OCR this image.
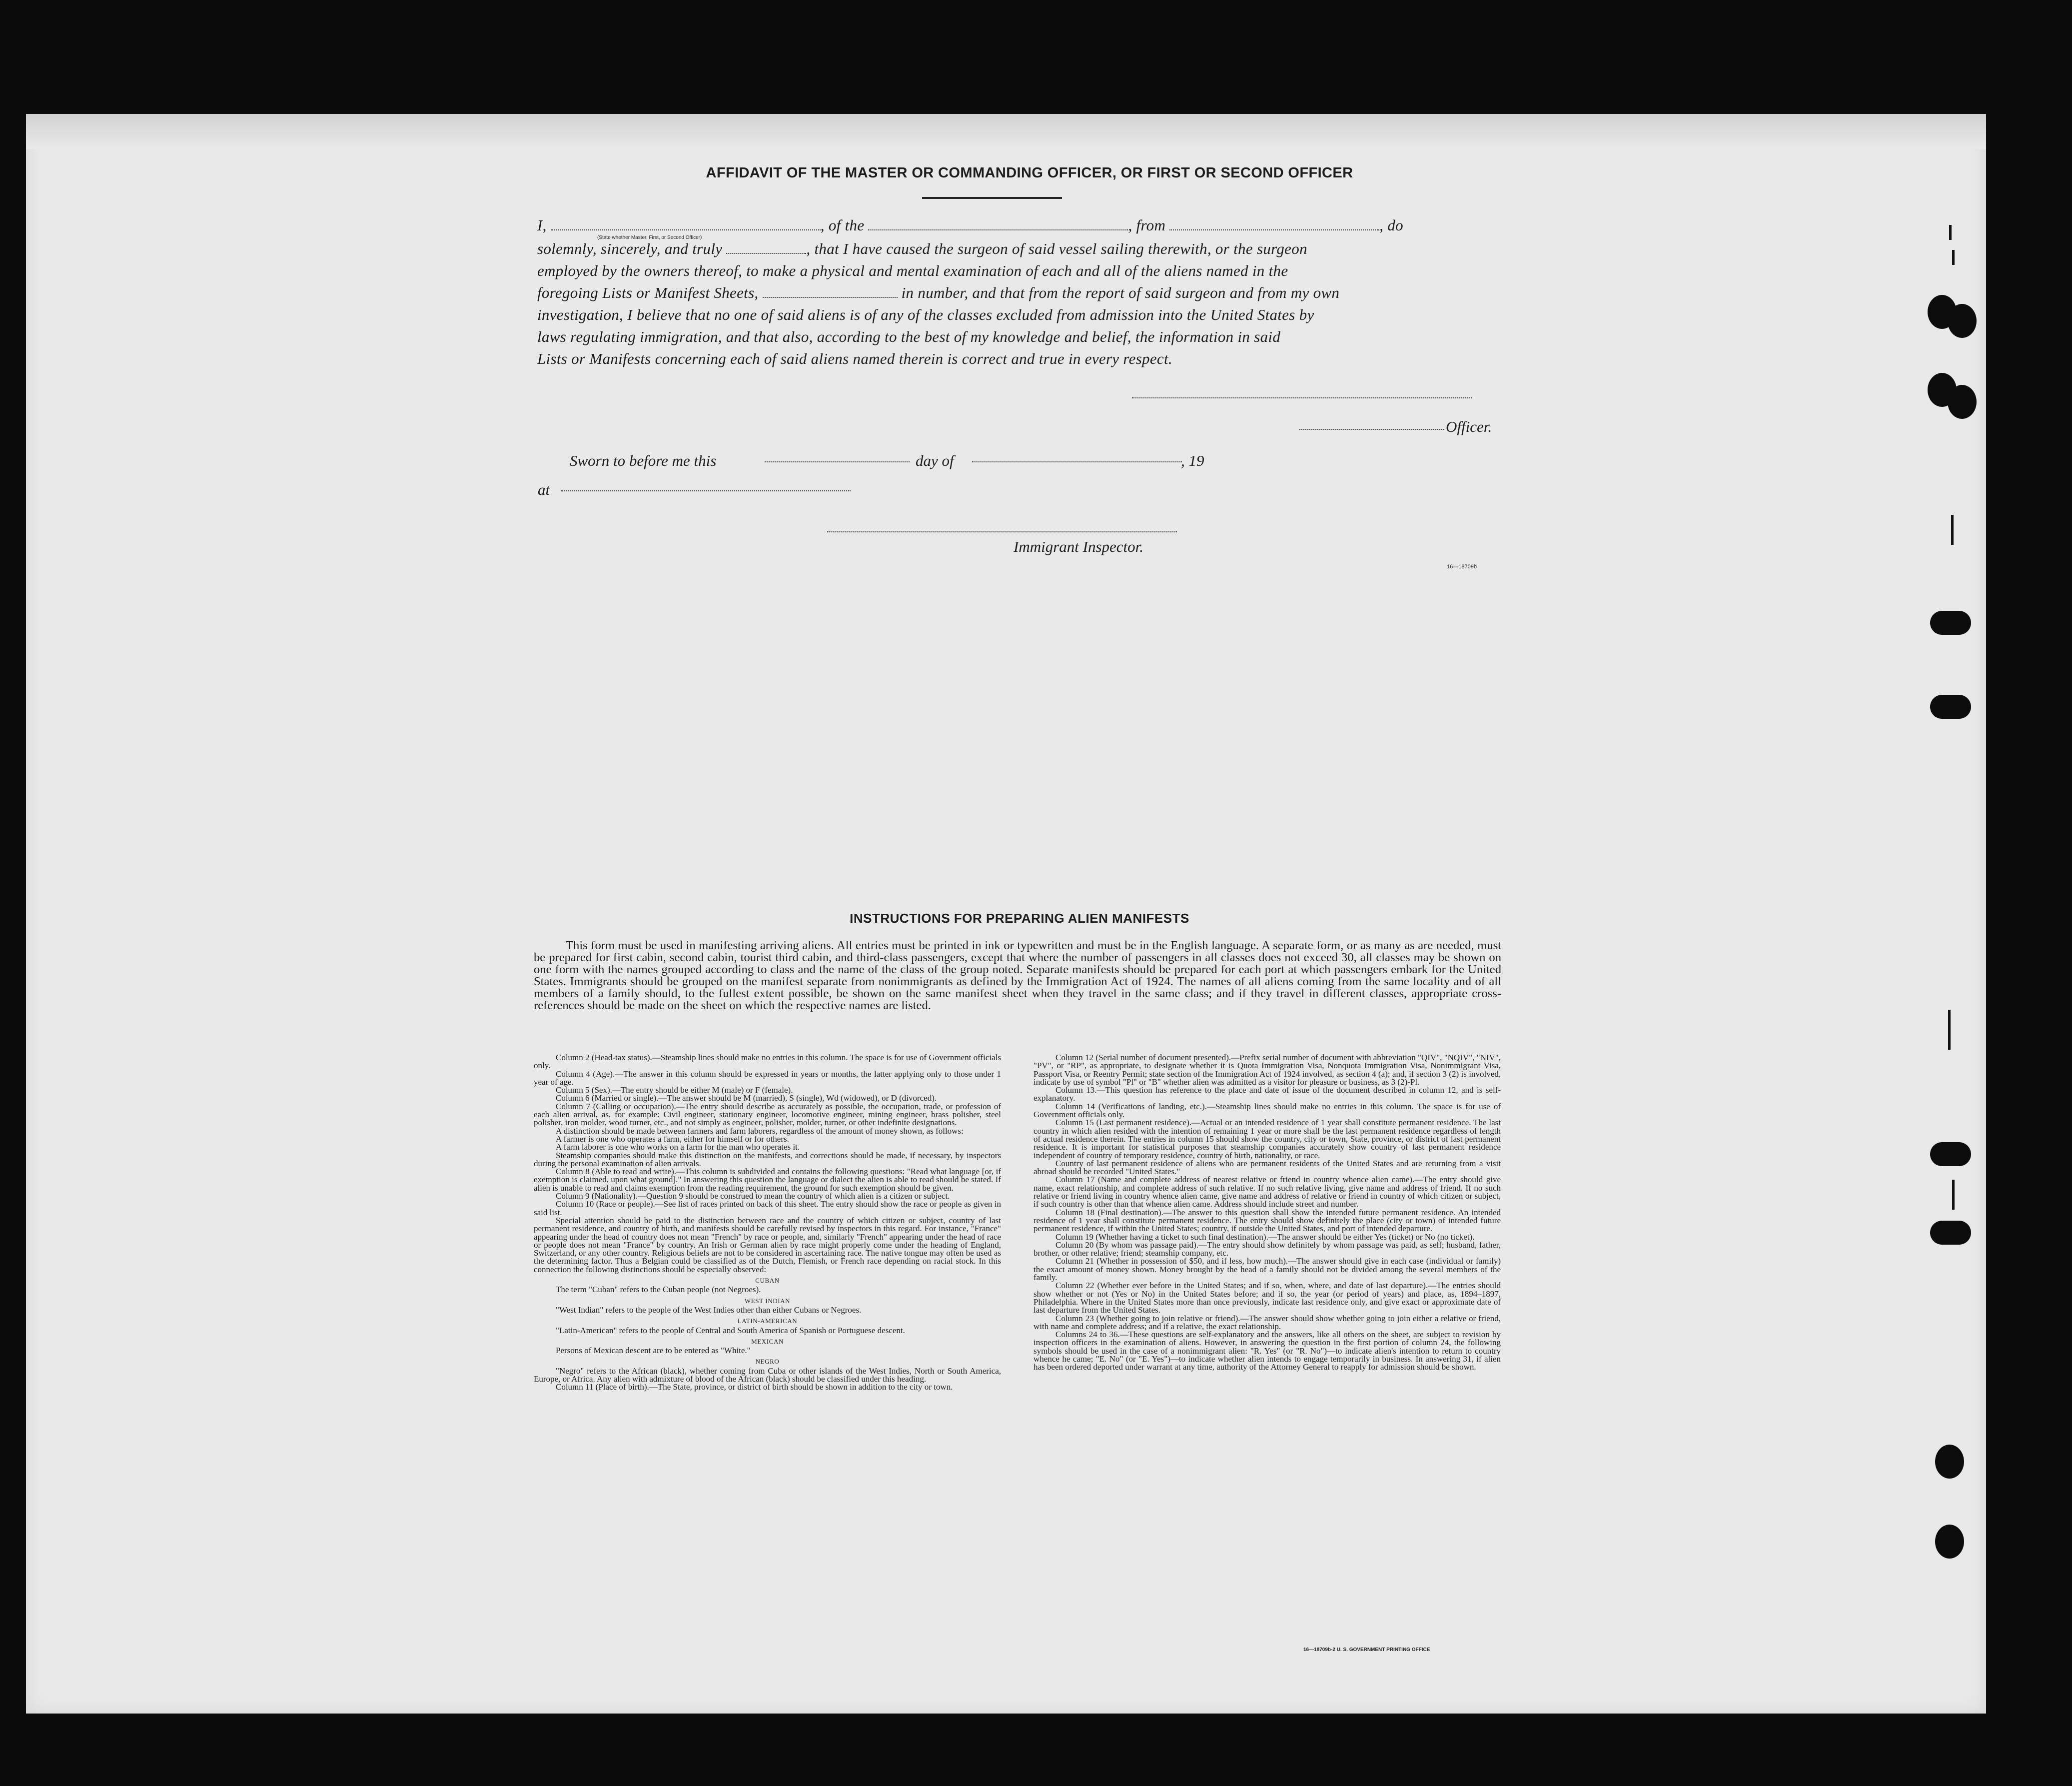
AFFIDAVIT OF THE MASTER OR COMMANDING OFFICER, OR FIRST OR SECOND OFFICER
I,	, of the	, from	, do
(State whether Master, First, or Second Officer)
solemnly, sincerely, and truly	, that I have caused the surgeon of said vessel sailing therewith, or the surgeon
employed by the owners thereof, to make a physical and mental examination of each and all of the aliens named in the
foregoing Lists or Manifest Sheets,	in number, and that from the report of said surgeon and from my own
investigation, I believe that no one of said aliens is of any of the classes excluded from admission into the United States by
laws regulating immigration, and that also, according to the best of my knowledge and belief, the information in said
Lists or Manifests concerning each of said aliens named therein is correct and true in every respect.
Officer.
Sworn to before me this	day of	, 19
at
Immigrant Inspector.
16—18709b
INSTRUCTIONS FOR PREPARING ALIEN MANIFESTS
This form must be used in manifesting arriving aliens. All entries must be printed in ink or typewritten and must be in the English language. A separate form, or as many as are needed, must be prepared for first cabin, second cabin, tourist third cabin, and third-class passengers, except that where the number of passengers in all classes does not exceed 30, all classes may be shown on one form with the names grouped according to class and the name of the class of the group noted. Separate manifests should be prepared for each port at which passengers embark for the United States. Immigrants should be grouped on the manifest separate from nonimmigrants as defined by the Immigration Act of 1924. The names of all aliens coming from the same locality and of all members of a family should, to the fullest extent possible, be shown on the same manifest sheet when they travel in the same class; and if they travel in different classes, appropriate cross-references should be made on the sheet on which the respective names are listed.

Column 2 (Head-tax status).—Steamship lines should make no entries in this column. The space is for use of Government officials only.

Column 4 (Age).—The answer in this column should be expressed in years or months, the latter applying only to those under 1 year of age.

Column 5 (Sex).—The entry should be either M (male) or F (female).

Column 6 (Married or single).—The answer should be M (married), S (single), Wd (widowed), or D (divorced).

Column 7 (Calling or occupation).—The entry should describe as accurately as possible, the occupation, trade, or profession of each alien arrival, as, for example: Civil engineer, stationary engineer, locomotive engineer, mining engineer, brass polisher, steel polisher, iron molder, wood turner, etc., and not simply as engineer, polisher, molder, turner, or other indefinite designations.

A distinction should be made between farmers and farm laborers, regardless of the amount of money shown, as follows:

A farmer is one who operates a farm, either for himself or for others.

A farm laborer is one who works on a farm for the man who operates it.

Steamship companies should make this distinction on the manifests, and corrections should be made, if necessary, by inspectors during the personal examination of alien arrivals.

Column 8 (Able to read and write).—This column is subdivided and contains the following questions: "Read what language [or, if exemption is claimed, upon what ground]." In answering this question the language or dialect the alien is able to read should be stated. If alien is unable to read and claims exemption from the reading requirement, the ground for such exemption should be given.

Column 9 (Nationality).—Question 9 should be construed to mean the country of which alien is a citizen or subject.

Column 10 (Race or people).—See list of races printed on back of this sheet. The entry should show the race or people as given in said list.

Special attention should be paid to the distinction between race and the country of which citizen or subject, country of last permanent residence, and country of birth, and manifests should be carefully revised by inspectors in this regard. For instance, "France" appearing under the head of country does not mean "French" by race or people, and, similarly "French" appearing under the head of race or people does not mean "France" by country. An Irish or German alien by race might properly come under the heading of England, Switzerland, or any other country. Religious beliefs are not to be considered in ascertaining race. The native tongue may often be used as the determining factor. Thus a Belgian could be classified as of the Dutch, Flemish, or French race depending on racial stock. In this connection the following distinctions should be especially observed:

CUBAN

The term "Cuban" refers to the Cuban people (not Negroes).

WEST INDIAN

"West Indian" refers to the people of the West Indies other than either Cubans or Negroes.

LATIN-AMERICAN

"Latin-American" refers to the people of Central and South America of Spanish or Portuguese descent.

MEXICAN

Persons of Mexican descent are to be entered as "White."

NEGRO

"Negro" refers to the African (black), whether coming from Cuba or other islands of the West Indies, North or South America, Europe, or Africa. Any alien with admixture of blood of the African (black) should be classified under this heading.

Column 11 (Place of birth).—The State, province, or district of birth should be shown in addition to the city or town.

Column 12 (Serial number of document presented).—Prefix serial number of document with abbreviation "QIV", "NQIV", "NIV", "PV", or "RP", as appropriate, to designate whether it is Quota Immigration Visa, Nonquota Immigration Visa, Nonimmigrant Visa, Passport Visa, or Reentry Permit; state section of the Immigration Act of 1924 involved, as section 4 (a); and, if section 3 (2) is involved, indicate by use of symbol "Pl" or "B" whether alien was admitted as a visitor for pleasure or business, as 3 (2)-Pl.

Column 13.—This question has reference to the place and date of issue of the document described in column 12, and is self-explanatory.

Column 14 (Verifications of landing, etc.).—Steamship lines should make no entries in this column. The space is for use of Government officials only.

Column 15 (Last permanent residence).—Actual or an intended residence of 1 year shall constitute permanent residence. The last country in which alien resided with the intention of remaining 1 year or more shall be the last permanent residence regardless of length of actual residence therein. The entries in column 15 should show the country, city or town, State, province, or district of last permanent residence. It is important for statistical purposes that steamship companies accurately show country of last permanent residence independent of country of temporary residence, country of birth, nationality, or race.

Country of last permanent residence of aliens who are permanent residents of the United States and are returning from a visit abroad should be recorded "United States."

Column 17 (Name and complete address of nearest relative or friend in country whence alien came).—The entry should give name, exact relationship, and complete address of such relative. If no such relative living, give name and address of friend. If no such relative or friend living in country whence alien came, give name and address of relative or friend in country of which citizen or subject, if such country is other than that whence alien came. Address should include street and number.

Column 18 (Final destination).—The answer to this question shall show the intended future permanent residence. An intended residence of 1 year shall constitute permanent residence. The entry should show definitely the place (city or town) of intended future permanent residence, if within the United States; country, if outside the United States, and port of intended departure.

Column 19 (Whether having a ticket to such final destination).—The answer should be either Yes (ticket) or No (no ticket).

Column 20 (By whom was passage paid).—The entry should show definitely by whom passage was paid, as self; husband, father, brother, or other relative; friend; steamship company, etc.

Column 21 (Whether in possession of $50, and if less, how much).—The answer should give in each case (individual or family) the exact amount of money shown. Money brought by the head of a family should not be divided among the several members of the family.

Column 22 (Whether ever before in the United States; and if so, when, where, and date of last departure).—The entries should show whether or not (Yes or No) in the United States before; and if so, the year (or period of years) and place, as, 1894–1897, Philadelphia. Where in the United States more than once previously, indicate last residence only, and give exact or approximate date of last departure from the United States.

Column 23 (Whether going to join relative or friend).—The answer should show whether going to join either a relative or friend, with name and complete address; and if a relative, the exact relationship.

Columns 24 to 36.—These questions are self-explanatory and the answers, like all others on the sheet, are subject to revision by inspection officers in the examination of aliens. However, in answering the question in the first portion of column 24, the following symbols should be used in the case of a nonimmigrant alien: "R. Yes" (or "R. No")—to indicate alien's intention to return to country whence he came; "E. No" (or "E. Yes")—to indicate whether alien intends to engage temporarily in business. In answering 31, if alien has been ordered deported under warrant at any time, authority of the Attorney General to reapply for admission should be shown.

16—18709b-2 U. S. GOVERNMENT PRINTING OFFICE
